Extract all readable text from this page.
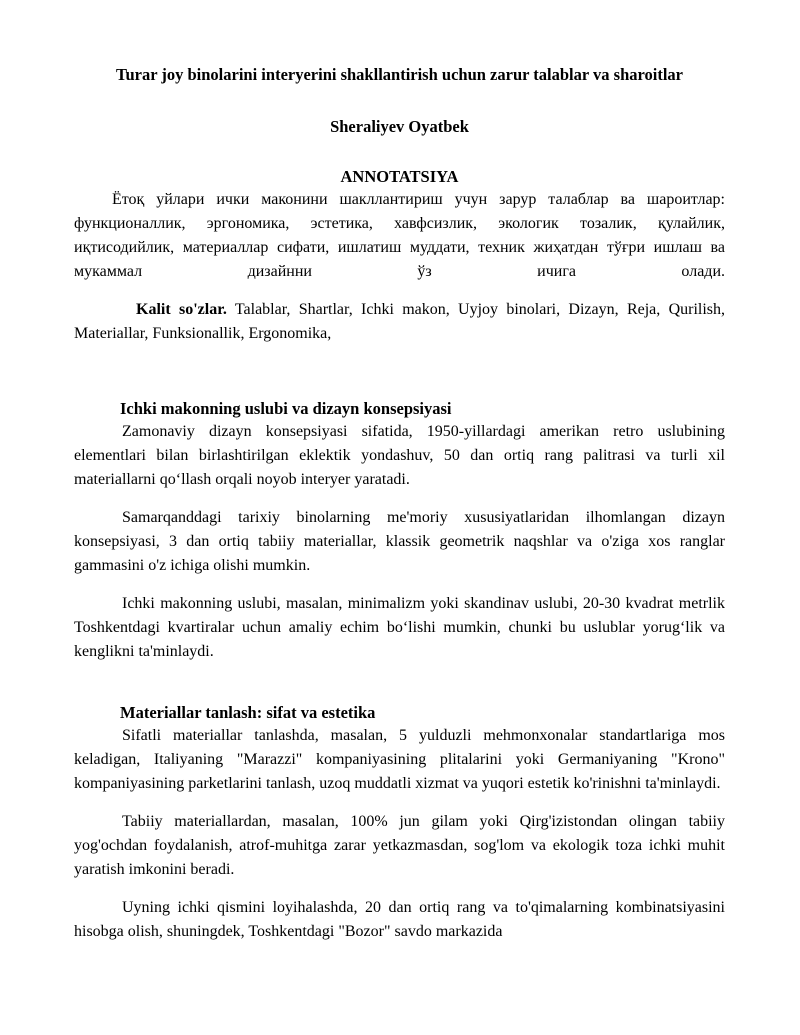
Turar joy binolarini interyerini shakllantirish uchun zarur talablar va sharoitlar
Sheraliyev Oyatbek
ANNOTATSIYA

Ётоқ уйлари ички маконини шакллантириш учун зарур талаблар ва шароитлар: функционаллик, эргономика, эстетика, хавфсизлик, экологик тозалик, қулайлик, иқтисодийлик, материаллар сифати, ишлатиш муддати, техник жиҳатдан тўғри ишлаш ва мукаммал дизайнни ўз ичига олади.

Kalit so'zlar. Talablar, Shartlar, Ichki makon, Uyjoy binolari, Dizayn, Reja, Qurilish, Materiallar, Funksionallik, Ergonomika,

Ichki makonning uslubi va dizayn konsepsiyasi

Zamonaviy dizayn konsepsiyasi sifatida, 1950-yillardagi amerikan retro uslubining elementlari bilan birlashtirilgan eklektik yondashuv, 50 dan ortiq rang palitrasi va turli xil materiallarni qo‘llash orqali noyob interyer yaratadi.

Samarqanddagi tarixiy binolarning me'moriy xususiyatlaridan ilhomlangan dizayn konsepsiyasi, 3 dan ortiq tabiiy materiallar, klassik geometrik naqshlar va o'ziga xos ranglar gammasini o'z ichiga olishi mumkin.

Ichki makonning uslubi, masalan, minimalizm yoki skandinav uslubi, 20-30 kvadrat metrlik Toshkentdagi kvartiralar uchun amaliy echim bo‘lishi mumkin, chunki bu uslublar yorug‘lik va kenglikni ta'minlaydi.

Materiallar tanlash: sifat va estetika

Sifatli materiallar tanlashda, masalan, 5 yulduzli mehmonxonalar standartlariga mos keladigan, Italiyaning "Marazzi" kompaniyasining plitalarini yoki Germaniyaning "Krono" kompaniyasining parketlarini tanlash, uzoq muddatli xizmat va yuqori estetik ko'rinishni ta'minlaydi.

Tabiiy materiallardan, masalan, 100% jun gilam yoki Qirg'izistondan olingan tabiiy yog'ochdan foydalanish, atrof-muhitga zarar yetkazmasdan, sog'lom va ekologik toza ichki muhit yaratish imkonini beradi.

Uyning ichki qismini loyihalashda, 20 dan ortiq rang va to'qimalarning kombinatsiyasini hisobga olish, shuningdek, Toshkentdagi "Bozor" savdo markazida
